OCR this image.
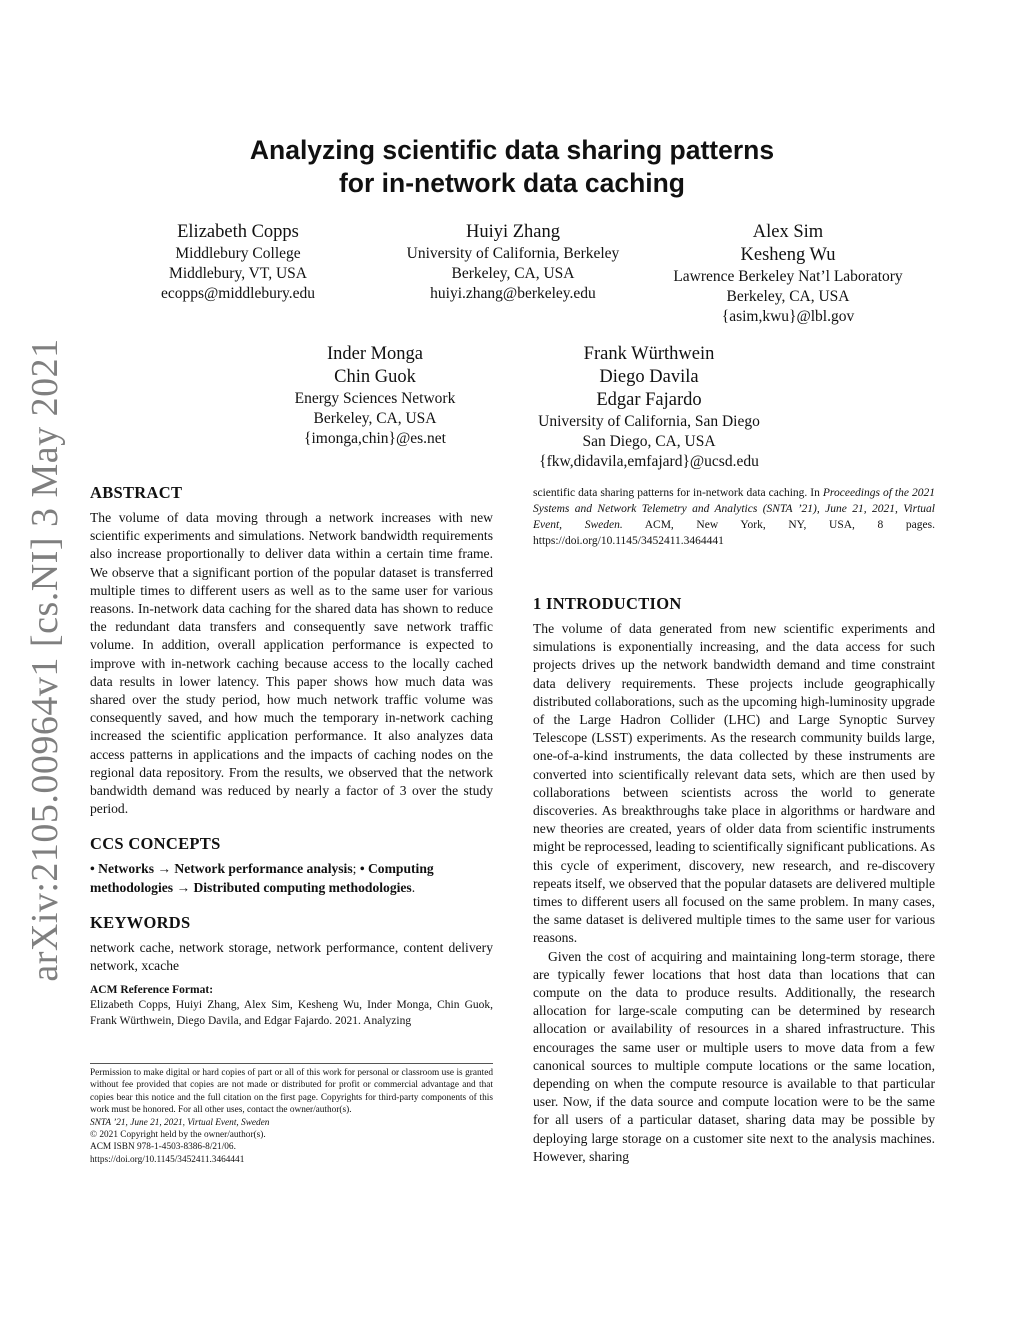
arXiv:2105.00964v1 [cs.NI] 3 May 2021
Analyzing scientific data sharing patterns
for in-network data caching
Elizabeth Copps
Middlebury College
Middlebury, VT, USA
ecopps@middlebury.edu
Huiyi Zhang
University of California, Berkeley
Berkeley, CA, USA
huiyi.zhang@berkeley.edu
Alex Sim
Kesheng Wu
Lawrence Berkeley Nat’l Laboratory
Berkeley, CA, USA
{asim,kwu}@lbl.gov
Inder Monga
Chin Guok
Energy Sciences Network
Berkeley, CA, USA
{imonga,chin}@es.net
Frank Würthwein
Diego Davila
Edgar Fajardo
University of California, San Diego
San Diego, CA, USA
{fkw,didavila,emfajard}@ucsd.edu
ABSTRACT

The volume of data moving through a network increases with new scientific experiments and simulations. Network bandwidth requirements also increase proportionally to deliver data within a certain time frame. We observe that a significant portion of the popular dataset is transferred multiple times to different users as well as to the same user for various reasons. In-network data caching for the shared data has shown to reduce the redundant data transfers and consequently save network traffic volume. In addition, overall application performance is expected to improve with in-network caching because access to the locally cached data results in lower latency. This paper shows how much data was shared over the study period, how much network traffic volume was consequently saved, and how much the temporary in-network caching increased the scientific application performance. It also analyzes data access patterns in applications and the impacts of caching nodes on the regional data repository. From the results, we observed that the network bandwidth demand was reduced by nearly a factor of 3 over the study period.

CCS CONCEPTS

• Networks → Network performance analysis; • Computing methodologies → Distributed computing methodologies.

KEYWORDS

network cache, network storage, network performance, content delivery network, xcache

ACM Reference Format:

Elizabeth Copps, Huiyi Zhang, Alex Sim, Kesheng Wu, Inder Monga, Chin Guok, Frank Würthwein, Diego Davila, and Edgar Fajardo. 2021. Analyzing

Permission to make digital or hard copies of part or all of this work for personal or classroom use is granted without fee provided that copies are not made or distributed for profit or commercial advantage and that copies bear this notice and the full citation on the first page. Copyrights for third-party components of this work must be honored. For all other uses, contact the owner/author(s).

SNTA ’21, June 21, 2021, Virtual Event, Sweden

© 2021 Copyright held by the owner/author(s).

ACM ISBN 978-1-4503-8386-8/21/06.

https://doi.org/10.1145/3452411.3464441

scientific data sharing patterns for in-network data caching. In Proceedings of the 2021 Systems and Network Telemetry and Analytics (SNTA ’21), June 21, 2021, Virtual Event, Sweden. ACM, New York, NY, USA, 8 pages. https://doi.org/10.1145/3452411.3464441

1 INTRODUCTION

The volume of data generated from new scientific experiments and simulations is exponentially increasing, and the data access for such projects drives up the network bandwidth demand and time constraint data delivery requirements. These projects include geographically distributed collaborations, such as the upcoming high-luminosity upgrade of the Large Hadron Collider (LHC) and Large Synoptic Survey Telescope (LSST) experiments. As the research community builds large, one-of-a-kind instruments, the data collected by these instruments are converted into scientifically relevant data sets, which are then used by collaborations between scientists across the world to generate discoveries. As breakthroughs take place in algorithms or hardware and new theories are created, years of older data from scientific instruments might be reprocessed, leading to scientifically significant publications. As this cycle of experiment, discovery, new research, and re-discovery repeats itself, we observed that the popular datasets are delivered multiple times to different users all focused on the same problem. In many cases, the same dataset is delivered multiple times to the same user for various reasons.

Given the cost of acquiring and maintaining long-term storage, there are typically fewer locations that host data than locations that can compute on the data to produce results. Additionally, the research allocation for large-scale computing can be determined by research allocation or availability of resources in a shared infrastructure. This encourages the same user or multiple users to move data from a few canonical sources to multiple compute locations or the same location, depending on when the compute resource is available to that particular user. Now, if the data source and compute location were to be the same for all users of a particular dataset, sharing data may be possible by deploying large storage on a customer site next to the analysis machines. However, sharing
